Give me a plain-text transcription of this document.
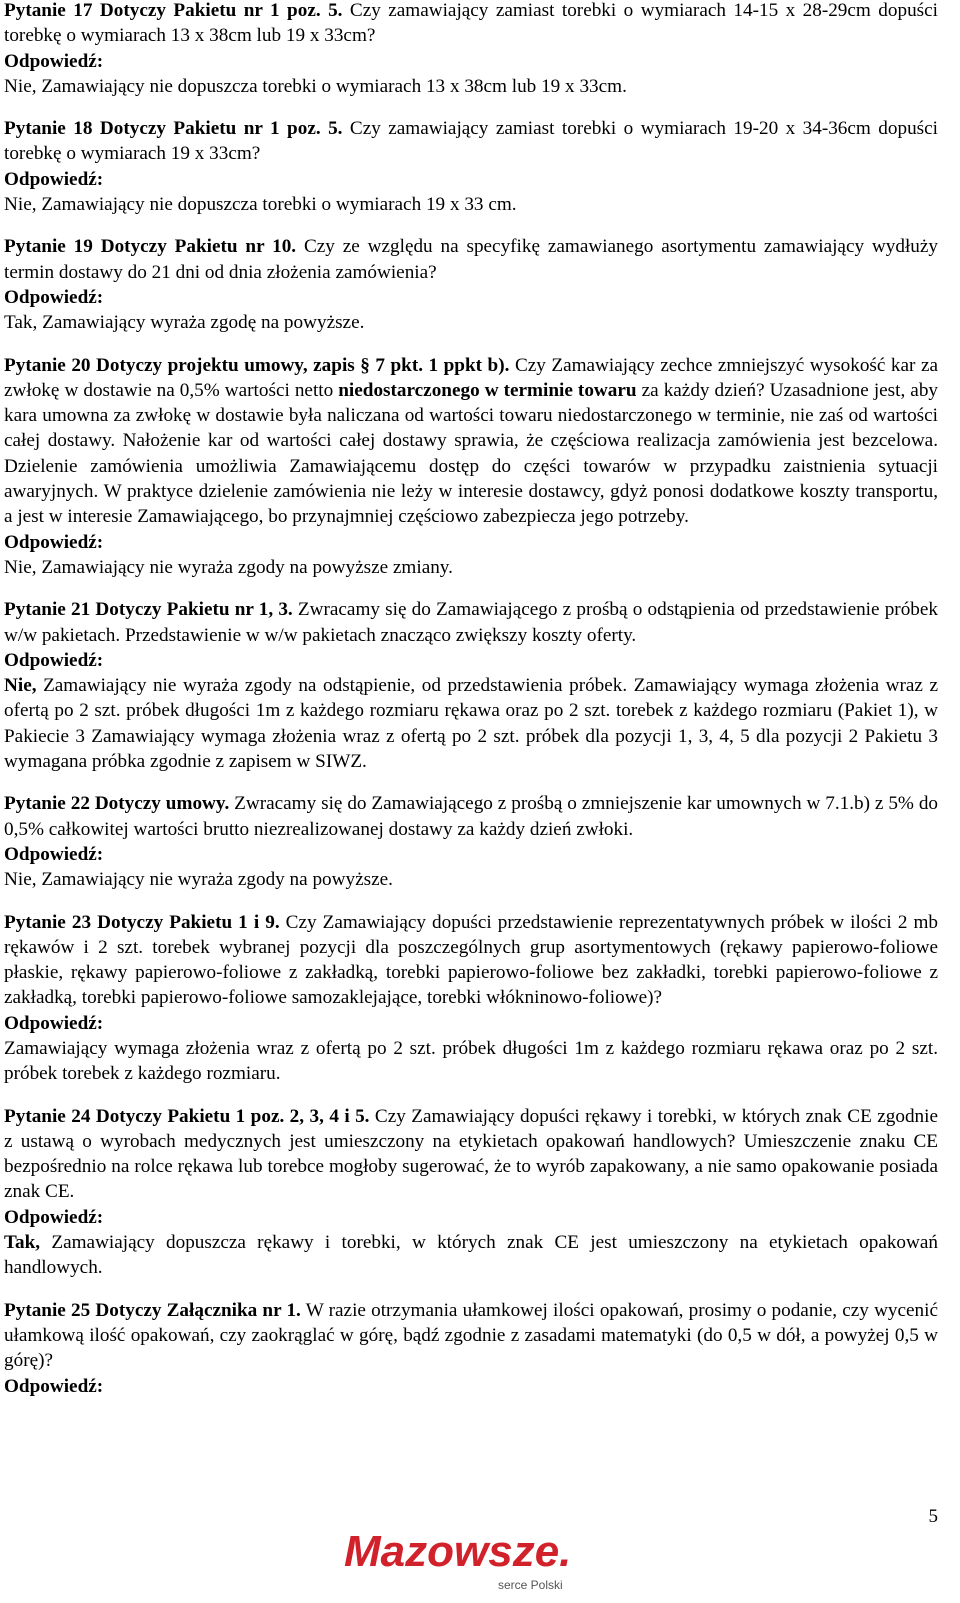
Pytanie 17 Dotyczy Pakietu nr 1 poz. 5. Czy zamawiający zamiast torebki o wymiarach 14-15 x 28-29cm dopuści torebkę o wymiarach 13 x 38cm lub 19 x 33cm?

Odpowiedź:

Nie, Zamawiający nie dopuszcza torebki o wymiarach 13 x 38cm lub 19 x 33cm.

Pytanie 18 Dotyczy Pakietu nr 1 poz. 5. Czy zamawiający zamiast torebki o wymiarach 19-20 x 34-36cm dopuści torebkę o wymiarach 19 x 33cm?

Odpowiedź:

Nie, Zamawiający nie dopuszcza torebki o wymiarach 19 x 33 cm.

Pytanie 19 Dotyczy Pakietu nr 10. Czy ze względu na specyfikę zamawianego asortymentu zamawiający wydłuży termin dostawy do 21 dni od dnia złożenia zamówienia?

Odpowiedź:

Tak, Zamawiający wyraża zgodę na powyższe.

Pytanie 20 Dotyczy projektu umowy, zapis § 7 pkt. 1 ppkt b). Czy Zamawiający zechce zmniejszyć wysokość kar za zwłokę w dostawie na 0,5% wartości netto niedostarczonego w terminie towaru za każdy dzień? Uzasadnione jest, aby kara umowna za zwłokę w dostawie była naliczana od wartości towaru niedostarczonego w terminie, nie zaś od wartości całej dostawy. Nałożenie kar od wartości całej dostawy sprawia, że częściowa realizacja zamówienia jest bezcelowa. Dzielenie zamówienia umożliwia Zamawiającemu dostęp do części towarów w przypadku zaistnienia sytuacji awaryjnych. W praktyce dzielenie zamówienia nie leży w interesie dostawcy, gdyż ponosi dodatkowe koszty transportu, a jest w interesie Zamawiającego, bo przynajmniej częściowo zabezpiecza jego potrzeby.

Odpowiedź:

Nie, Zamawiający nie wyraża zgody na powyższe zmiany.

Pytanie 21 Dotyczy Pakietu nr 1, 3. Zwracamy się do Zamawiającego z prośbą o odstąpienia od przedstawienie próbek w/w pakietach. Przedstawienie w w/w pakietach znacząco zwiększy koszty oferty.

Odpowiedź:

Nie, Zamawiający nie wyraża zgody na odstąpienie, od przedstawienia próbek. Zamawiający wymaga złożenia wraz z ofertą po 2 szt. próbek długości 1m z każdego rozmiaru rękawa oraz po 2 szt. torebek z każdego rozmiaru (Pakiet 1), w Pakiecie 3 Zamawiający wymaga złożenia wraz z ofertą po 2 szt. próbek dla pozycji 1, 3, 4, 5 dla pozycji 2 Pakietu 3 wymagana próbka zgodnie z zapisem w SIWZ.

Pytanie 22 Dotyczy umowy. Zwracamy się do Zamawiającego z prośbą o zmniejszenie kar umownych w 7.1.b) z 5% do 0,5% całkowitej wartości brutto niezrealizowanej dostawy za każdy dzień zwłoki.

Odpowiedź:

Nie, Zamawiający nie wyraża zgody na powyższe.

Pytanie 23 Dotyczy Pakietu 1 i 9. Czy Zamawiający dopuści przedstawienie reprezentatywnych próbek w ilości 2 mb rękawów i 2 szt. torebek wybranej pozycji dla poszczególnych grup asortymentowych (rękawy papierowo-foliowe płaskie, rękawy papierowo-foliowe z zakładką, torebki papierowo-foliowe bez zakładki, torebki papierowo-foliowe z zakładką, torebki papierowo-foliowe samozaklejające, torebki włókninowo-foliowe)?

Odpowiedź:

Zamawiający wymaga złożenia wraz z ofertą po 2 szt. próbek długości 1m z każdego rozmiaru rękawa oraz po 2 szt. próbek torebek z każdego rozmiaru.

Pytanie 24 Dotyczy Pakietu 1 poz. 2, 3, 4 i 5. Czy Zamawiający dopuści rękawy i torebki, w których znak CE zgodnie z ustawą o wyrobach medycznych jest umieszczony na etykietach opakowań handlowych? Umieszczenie znaku CE bezpośrednio na rolce rękawa lub torebce mogłoby sugerować, że to wyrób zapakowany, a nie samo opakowanie posiada znak CE.

Odpowiedź:

Tak, Zamawiający dopuszcza rękawy i torebki, w których znak CE jest umieszczony na etykietach opakowań handlowych.

Pytanie 25 Dotyczy Załącznika nr 1. W razie otrzymania ułamkowej ilości opakowań, prosimy o podanie, czy wycenić ułamkową ilość opakowań, czy zaokrąglać w górę, bądź zgodnie z zasadami matematyki (do 0,5 w dół, a powyżej 0,5 w górę)?

Odpowiedź:

5
Mazowsze.
serce Polski
